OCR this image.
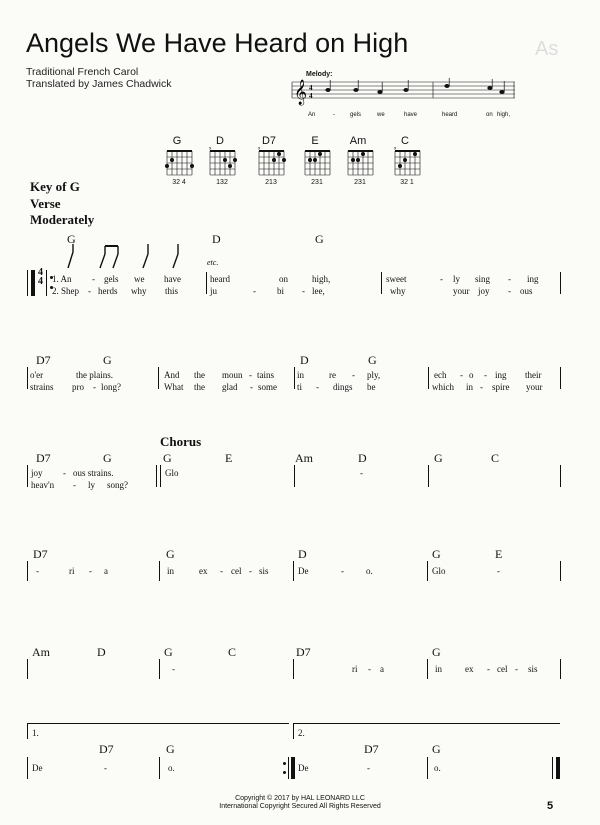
As
Angels We Have Heard on High
Traditional French Carol
Translated by James Chadwick
Melody:
𝄞 4
4
An	-	gels	we	have	heard	on high,
G
32 4
D
x
132
D7
x
213
E
231
Am
231
C
x
32 1
Key of G
Verse
Moderately
G	D	G
etc.
4
4 1. An - gels we have	heard	on	high,	sweet	- ly sing - ing
2. Shep - herds why this	ju	- bi - lee,	why	your joy - ous
D7	G	D	G
o'er	the plains.	And the moun - tains	in	re - ply,	ech - o - ing their
strains pro - long?	What the glad - some ti - dings be	which in - spire your
Chorus
D7	G	G	E	Am	D	G	C
joy - ous strains.	Glo	-
heav'n - ly song?
D7	G	D	G	E
-	ri - a	in	ex - cel - sis	De	- o.	Glo	-
Am	D	G	C	D7	G
-	ri - a	in	ex - cel - sis
1.	2.
D7	G	D7	G
De	-	o.	De	-	o.
Copyright © 2017 by HAL LEONARD LLC
International Copyright Secured All Rights Reserved	5
